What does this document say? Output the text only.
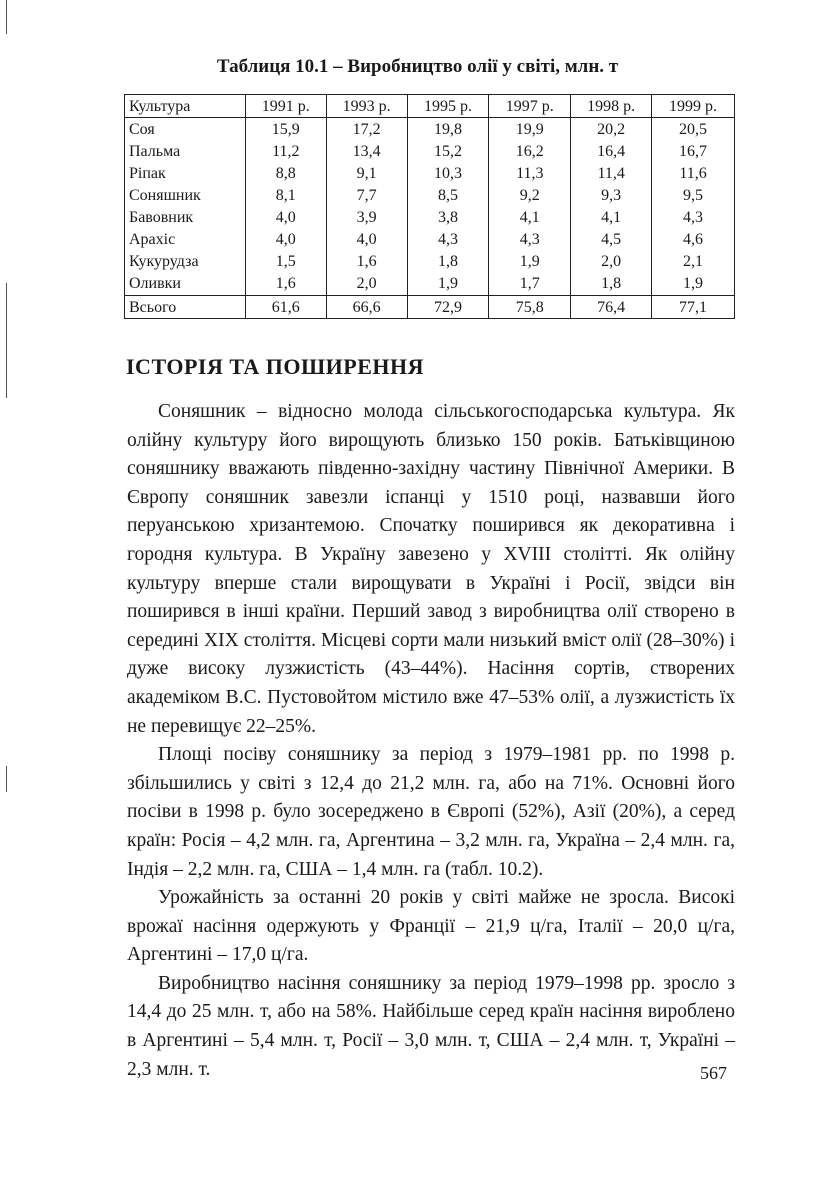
Таблиця 10.1 – Виробництво олії у світі, млн. т
Культура	1991 р.	1993 р.	1995 р.	1997 р.	1998 р.	1999 р.
Соя	15,9	17,2	19,8	19,9	20,2	20,5
Пальма	11,2	13,4	15,2	16,2	16,4	16,7
Ріпак	8,8	9,1	10,3	11,3	11,4	11,6
Соняшник	8,1	7,7	8,5	9,2	9,3	9,5
Бавовник	4,0	3,9	3,8	4,1	4,1	4,3
Арахіс	4,0	4,0	4,3	4,3	4,5	4,6
Кукурудза	1,5	1,6	1,8	1,9	2,0	2,1
Оливки	1,6	2,0	1,9	1,7	1,8	1,9
Всього	61,6	66,6	72,9	75,8	76,4	77,1
ІСТОРІЯ ТА ПОШИРЕННЯ

Соняшник – відносно молода сільськогосподарська культура. Як олійну культуру його вирощують близько 150 років. Батьківщиною соняшнику вважають південно-західну частину Північної Америки. В Європу соняшник завезли іспанці у 1510 році, назвавши його перуанською хризантемою. Спочатку поширився як декоративна і городня культура. В Україну завезено у XVIII столітті. Як олійну культуру вперше стали вирощувати в Україні і Росії, звідси він поширився в інші країни. Перший завод з виробництва олії створено в середині XIX століття. Місцеві сорти мали низький вміст олії (28–30%) і дуже високу лузжистість (43–44%). Насіння сортів, створених академіком В.С. Пустовойтом містило вже 47–53% олії, а лузжистість їх не перевищує 22–25%.

Площі посіву соняшнику за період з 1979–1981 рр. по 1998 р. збільшились у світі з 12,4 до 21,2 млн. га, або на 71%. Основні його посіви в 1998 р. було зосереджено в Європі (52%), Азії (20%), а серед країн: Росія – 4,2 млн. га, Аргентина – 3,2 млн. га, Україна – 2,4 млн. га, Індія – 2,2 млн. га, США – 1,4 млн. га (табл. 10.2).

Урожайність за останні 20 років у світі майже не зросла. Високі врожаї насіння одержують у Франції – 21,9 ц/га, Італії – 20,0 ц/га, Аргентині – 17,0 ц/га.

Виробництво насіння соняшнику за період 1979–1998 рр. зросло з 14,4 до 25 млн. т, або на 58%. Найбільше серед країн насіння вироблено в Аргентині – 5,4 млн. т, Росії – 3,0 млн. т, США – 2,4 млн. т, Україні – 2,3 млн. т.	567
